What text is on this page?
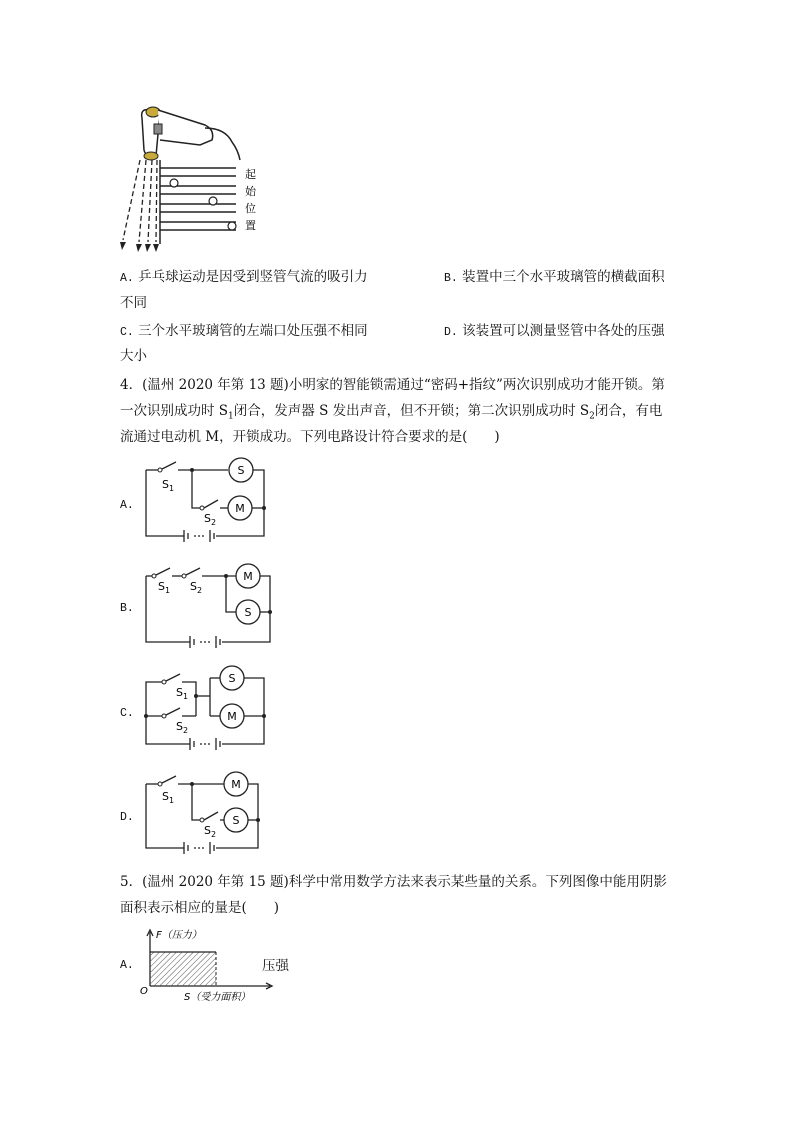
起
始
位
置
A. 乒乓球运动是因受到竖管气流的吸引力	B. 装置中三个水平玻璃管的横截面积
不同
C. 三个水平玻璃管的左端口处压强不相同	D. 该装置可以测量竖管中各处的压强
大小
4．(温州 2020 年第 13 题)小明家的智能锁需通过“密码+指纹”两次识别成功才能开锁。第
一次识别成功时 $S_1$闭合，发声器 S 发出声音，但不开锁；第二次识别成功时 $S_2$闭合，有电
流通过电动机 M，开锁成功。下列电路设计符合要求的是(　　)
A.
B.
C.
D.
S
M
$S_1$
$S_2$
M
S
$S_1$ $S_2$
S
M
$S_1$
$S_2$
M
S
$S_1$
$S_2$
5．(温州 2020 年第 15 题)科学中常用数学方法来表示某些量的关系。下列图像中能用阴影
面积表示相应的量是(　　)
A.
F（压力）
S（受力面积）
O
压强
